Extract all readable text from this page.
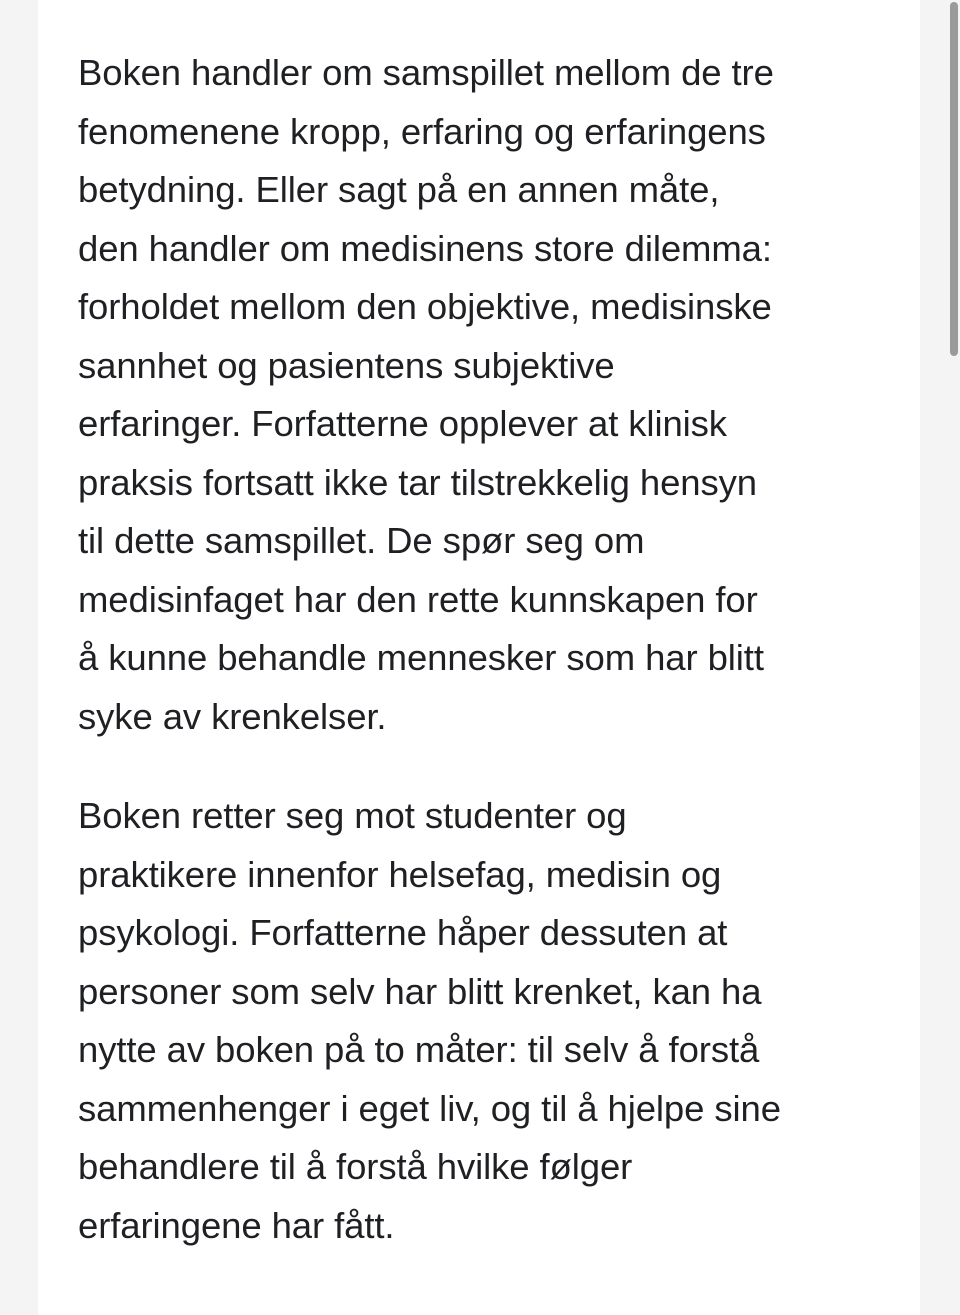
Boken handler om samspillet mellom de tre
fenomenene kropp, erfaring og erfaringens
betydning. Eller sagt på en annen måte,
den handler om medisinens store dilemma:
forholdet mellom den objektive, medisinske
sannhet og pasientens subjektive
erfaringer. Forfatterne opplever at klinisk
praksis fortsatt ikke tar tilstrekkelig hensyn
til dette samspillet. De spør seg om
medisinfaget har den rette kunnskapen for
å kunne behandle mennesker som har blitt
syke av krenkelser.

Boken retter seg mot studenter og
praktikere innenfor helsefag, medisin og
psykologi. Forfatterne håper dessuten at
personer som selv har blitt krenket, kan ha
nytte av boken på to måter: til selv å forstå
sammenhenger i eget liv, og til å hjelpe sine
behandlere til å forstå hvilke følger
erfaringene har fått.
